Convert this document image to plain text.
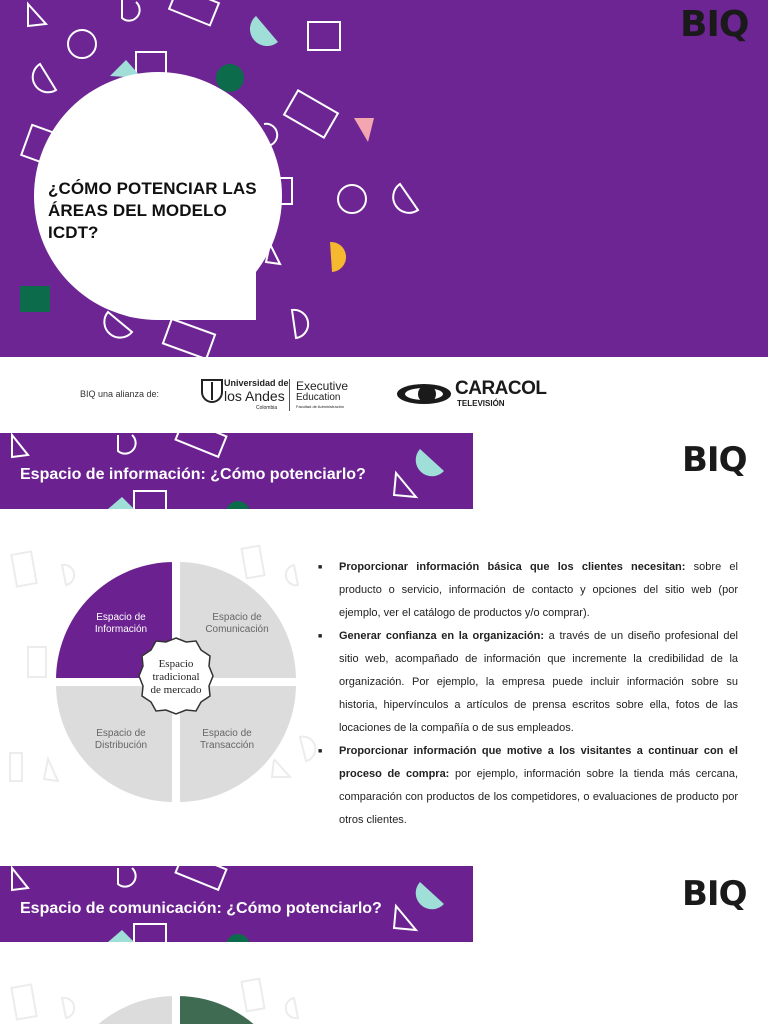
¿CÓMO POTENCIAR LAS ÁREAS DEL MODELO ICDT?
BIQ
BIQ una alianza de:
Universidad de
los Andes
Colombia
Executive
Education
Facultad de Administración
CARACOL
TELEVISIÓN
Espacio de información: ¿Cómo potenciarlo?	BIQ
Espacio de
Información
Espacio de
Comunicación
Espacio de
Distribución
Espacio de
Transacción
Espacio
tradicional
de mercado
■ Proporcionar información básica que los clientes necesitan: sobre el producto o servicio, información de contacto y opciones del sitio web (por ejemplo, ver el catálogo de productos y/o comprar).
■ Generar confianza en la organización: a través de un diseño profesional del sitio web, acompañado de información que incremente la credibilidad de la organización. Por ejemplo, la empresa puede incluir información sobre su historia, hipervínculos a artículos de prensa escritos sobre ella, fotos de las locaciones de la compañía o de sus empleados.
■ Proporcionar información que motive a los visitantes a continuar con el proceso de compra: por ejemplo, información sobre la tienda más cercana, comparación con productos de los competidores, o evaluaciones de producto por otros clientes.
Espacio de comunicación: ¿Cómo potenciarlo?	BIQ
